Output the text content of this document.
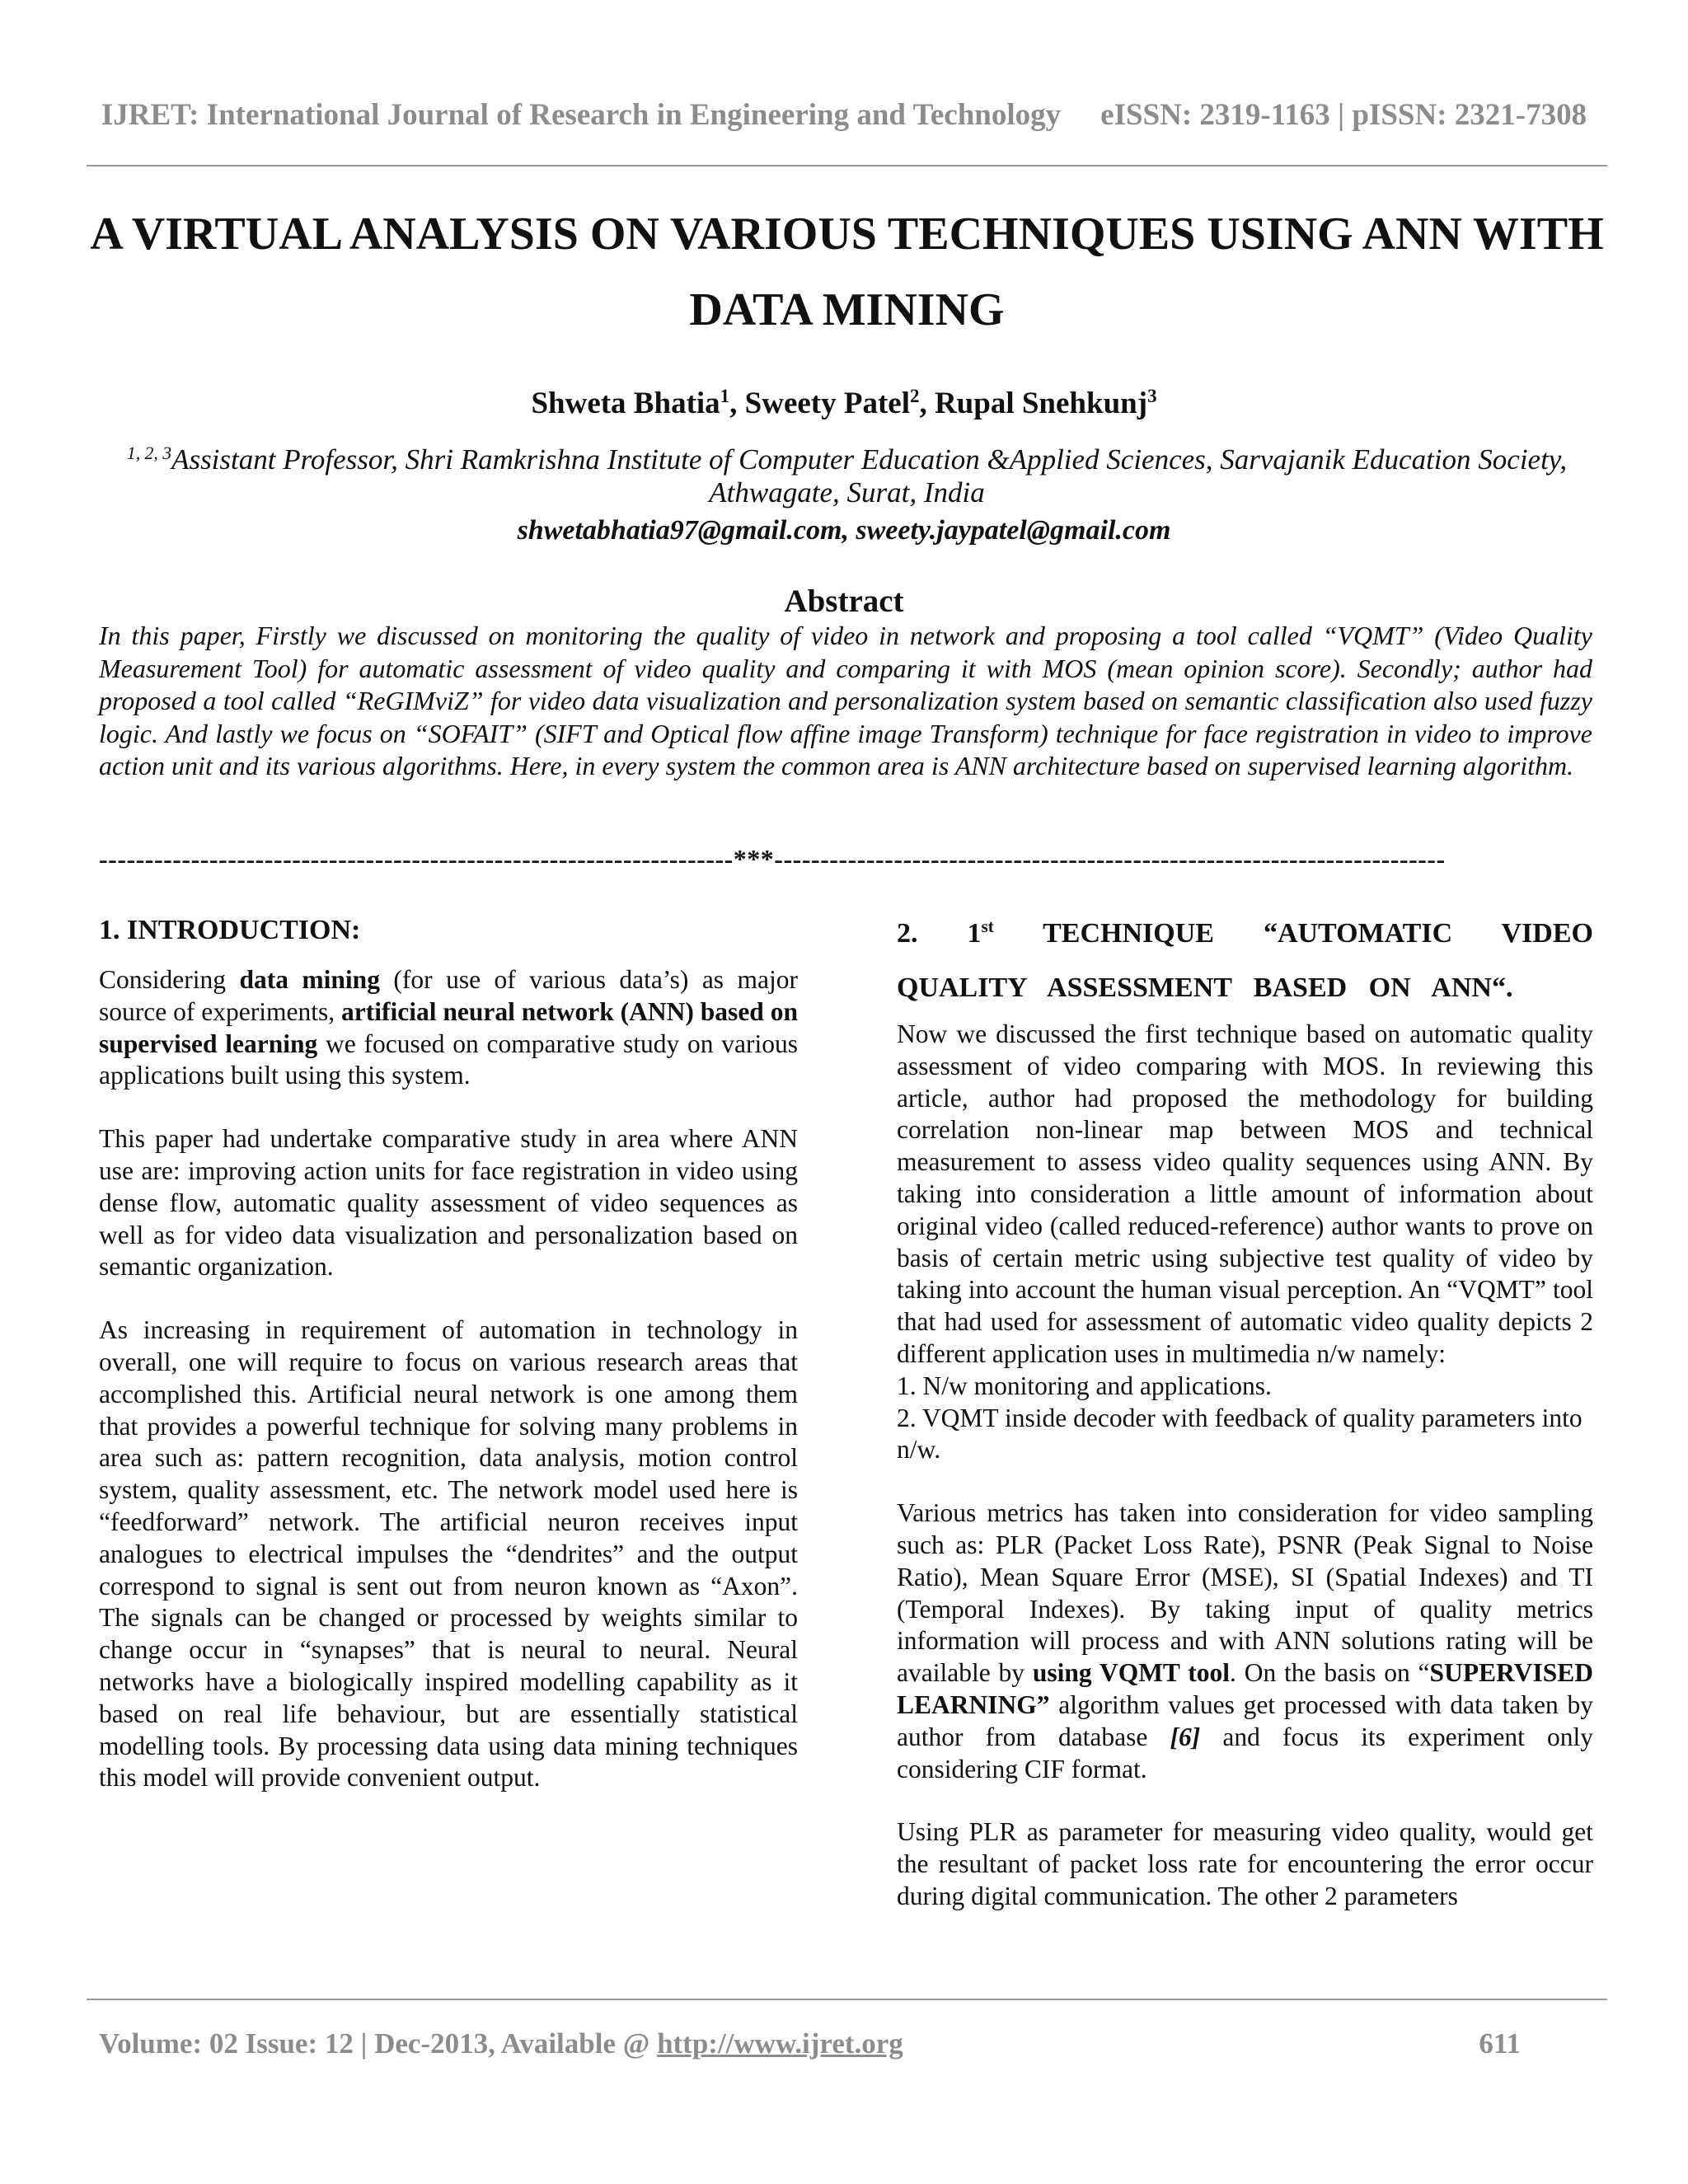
IJRET: International Journal of Research in Engineering and Technology eISSN: 2319-1163 | pISSN: 2321-7308
A VIRTUAL ANALYSIS ON VARIOUS TECHNIQUES USING ANN WITH DATA MINING
Shweta Bhatia$^1$, Sweety Patel$^2$, Rupal Snehkunj$^3$
$^{1, 2, 3}$Assistant Professor, Shri Ramkrishna Institute of Computer Education &Applied Sciences, Sarvajanik Education Society, Athwagate, Surat, India
shwetabhatia97@gmail.com, sweety.jaypatel@gmail.com
Abstract
In this paper, Firstly we discussed on monitoring the quality of video in network and proposing a tool called “VQMT” (Video Quality Measurement Tool) for automatic assessment of video quality and comparing it with MOS (mean opinion score). Secondly; author had proposed a tool called “ReGIMviZ” for video data visualization and personalization system based on semantic classification also used fuzzy logic. And lastly we focus on “SOFAIT” (SIFT and Optical flow affine image Transform) technique for face registration in video to improve action unit and its various algorithms. Here, in every system the common area is ANN architecture based on supervised learning algorithm.
---------------------------------------------------------------------***-------------------------------------------------------------------------
1. INTRODUCTION:

Considering data mining (for use of various data’s) as major source of experiments, artificial neural network (ANN) based on supervised learning we focused on comparative study on various applications built using this system.

This paper had undertake comparative study in area where ANN use are: improving action units for face registration in video using dense flow, automatic quality assessment of video sequences as well as for video data visualization and personalization based on semantic organization.

As increasing in requirement of automation in technology in overall, one will require to focus on various research areas that accomplished this. Artificial neural network is one among them that provides a powerful technique for solving many problems in area such as: pattern recognition, data analysis, motion control system, quality assessment, etc. The network model used here is “feedforward” network. The artificial neuron receives input analogues to electrical impulses the “dendrites” and the output correspond to signal is sent out from neuron known as “Axon”. The signals can be changed or processed by weights similar to change occur in “synapses” that is neural to neural. Neural networks have a biologically inspired modelling capability as it based on real life behaviour, but are essentially statistical modelling tools. By processing data using data mining techniques this model will provide convenient output.

2. 1st TECHNIQUE “AUTOMATIC VIDEO QUALITY ASSESSMENT BASED ON ANN“.

Now we discussed the first technique based on automatic quality assessment of video comparing with MOS. In reviewing this article, author had proposed the methodology for building correlation non-linear map between MOS and technical measurement to assess video quality sequences using ANN. By taking into consideration a little amount of information about original video (called reduced-reference) author wants to prove on basis of certain metric using subjective test quality of video by taking into account the human visual perception. An “VQMT” tool that had used for assessment of automatic video quality depicts 2 different application uses in multimedia n/w namely:
1. N/w monitoring and applications.
2. VQMT inside decoder with feedback of quality parameters into n/w.

Various metrics has taken into consideration for video sampling such as: PLR (Packet Loss Rate), PSNR (Peak Signal to Noise Ratio), Mean Square Error (MSE), SI (Spatial Indexes) and TI (Temporal Indexes). By taking input of quality metrics information will process and with ANN solutions rating will be available by using VQMT tool. On the basis on “SUPERVISED LEARNING” algorithm values get processed with data taken by author from database [6] and focus its experiment only considering CIF format.

Using PLR as parameter for measuring video quality, would get the resultant of packet loss rate for encountering the error occur during digital communication. The other 2 parameters

Volume: 02 Issue: 12 | Dec-2013, Available @ http://www.ijret.org	611
